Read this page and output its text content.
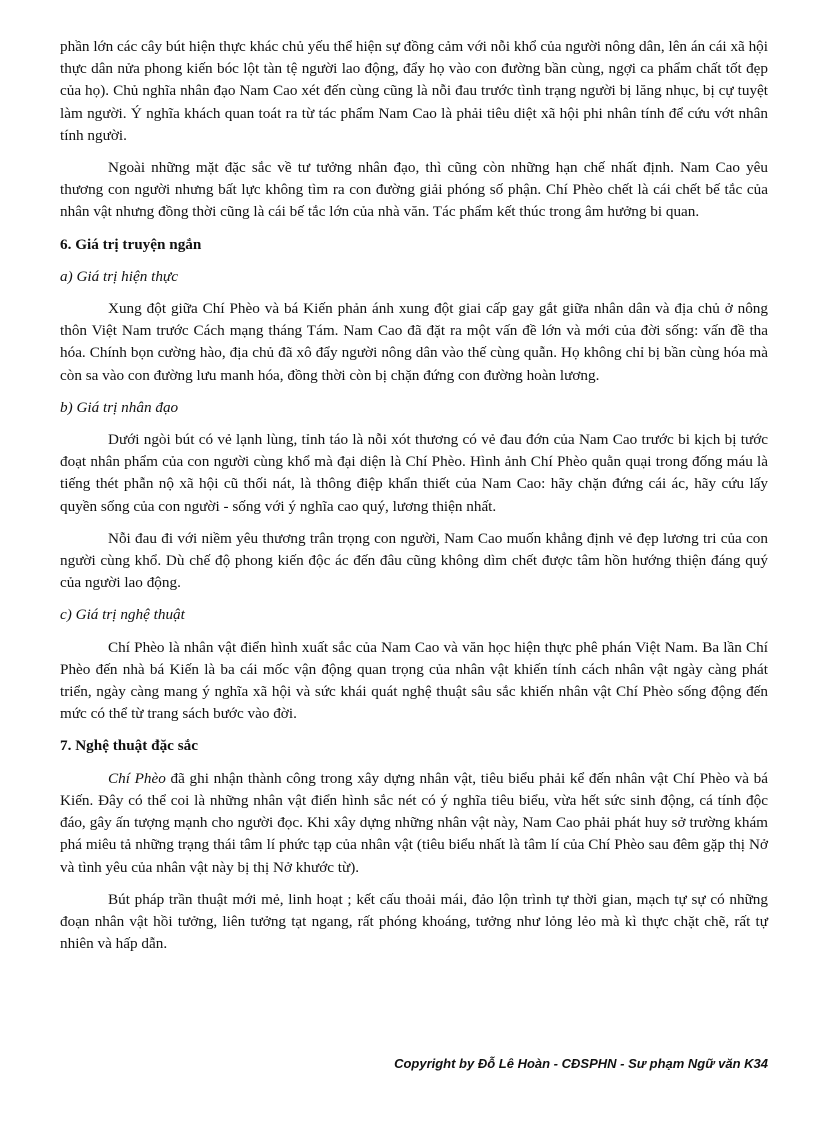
phần lớn các cây bút hiện thực khác chủ yếu thể hiện sự đồng cảm với nỗi khổ của người nông dân, lên án cái xã hội thực dân nửa phong kiến bóc lột tàn tệ người lao động, đẩy họ vào con đường bần cùng, ngợi ca phẩm chất tốt đẹp của họ). Chủ nghĩa nhân đạo Nam Cao xét đến cùng cũng là nỗi đau trước tình trạng người bị lăng nhục, bị cự tuyệt làm người. Ý nghĩa khách quan toát ra từ tác phẩm Nam Cao là phải tiêu diệt xã hội phi nhân tính để cứu vớt nhân tính người.

Ngoài những mặt đặc sắc về tư tưởng nhân đạo, thì cũng còn những hạn chế nhất định. Nam Cao yêu thương con người nhưng bất lực không tìm ra con đường giải phóng số phận. Chí Phèo chết là cái chết bế tắc của nhân vật nhưng đồng thời cũng là cái bế tắc lớn của nhà văn. Tác phẩm kết thúc trong âm hưởng bi quan.

6. Giá trị truyện ngắn
a) Giá trị hiện thực

Xung đột giữa Chí Phèo và bá Kiến phản ánh xung đột giai cấp gay gắt giữa nhân dân và địa chủ ở nông thôn Việt Nam trước Cách mạng tháng Tám. Nam Cao đã đặt ra một vấn đề lớn và mới của đời sống: vấn đề tha hóa. Chính bọn cường hào, địa chủ đã xô đẩy người nông dân vào thế cùng quẫn. Họ không chỉ bị bần cùng hóa mà còn sa vào con đường lưu manh hóa, đồng thời còn bị chặn đứng con đường hoàn lương.

b) Giá trị nhân đạo

Dưới ngòi bút có vẻ lạnh lùng, tỉnh táo là nỗi xót thương có vẻ đau đớn của Nam Cao trước bi kịch bị tước đoạt nhân phẩm của con người cùng khổ mà đại diện là Chí Phèo. Hình ảnh Chí Phèo quằn quại trong đống máu là tiếng thét phẫn nộ xã hội cũ thối nát, là thông điệp khẩn thiết của Nam Cao: hãy chặn đứng cái ác, hãy cứu lấy quyền sống của con người - sống với ý nghĩa cao quý, lương thiện nhất.

Nỗi đau đi với niềm yêu thương trân trọng con người, Nam Cao muốn khẳng định vẻ đẹp lương tri của con người cùng khổ. Dù chế độ phong kiến độc ác đến đâu cũng không dìm chết được tâm hồn hướng thiện đáng quý của người lao động.

c) Giá trị nghệ thuật

Chí Phèo là nhân vật điển hình xuất sắc của Nam Cao và văn học hiện thực phê phán Việt Nam. Ba lần Chí Phèo đến nhà bá Kiến là ba cái mốc vận động quan trọng của nhân vật khiến tính cách nhân vật ngày càng phát triển, ngày càng mang ý nghĩa xã hội và sức khái quát nghệ thuật sâu sắc khiến nhân vật Chí Phèo sống động đến mức có thể từ trang sách bước vào đời.

7. Nghệ thuật đặc sắc

Chí Phèo đã ghi nhận thành công trong xây dựng nhân vật, tiêu biểu phải kể đến nhân vật Chí Phèo và bá Kiến. Đây có thể coi là những nhân vật điển hình sắc nét có ý nghĩa tiêu biểu, vừa hết sức sinh động, cá tính độc đáo, gây ấn tượng mạnh cho người đọc. Khi xây dựng những nhân vật này, Nam Cao phải phát huy sở trường khám phá miêu tả những trạng thái tâm lí phức tạp của nhân vật (tiêu biểu nhất là tâm lí của Chí Phèo sau đêm gặp thị Nở và tình yêu của nhân vật này bị thị Nở khước từ).

Bút pháp trần thuật mới mẻ, linh hoạt ; kết cấu thoải mái, đảo lộn trình tự thời gian, mạch tự sự có những đoạn nhân vật hồi tưởng, liên tưởng tạt ngang, rất phóng khoáng, tưởng như lỏng lẻo mà kì thực chặt chẽ, rất tự nhiên và hấp dẫn.

Copyright by Đỗ Lê Hoàn - CĐSPHN - Sư phạm Ngữ văn K34
